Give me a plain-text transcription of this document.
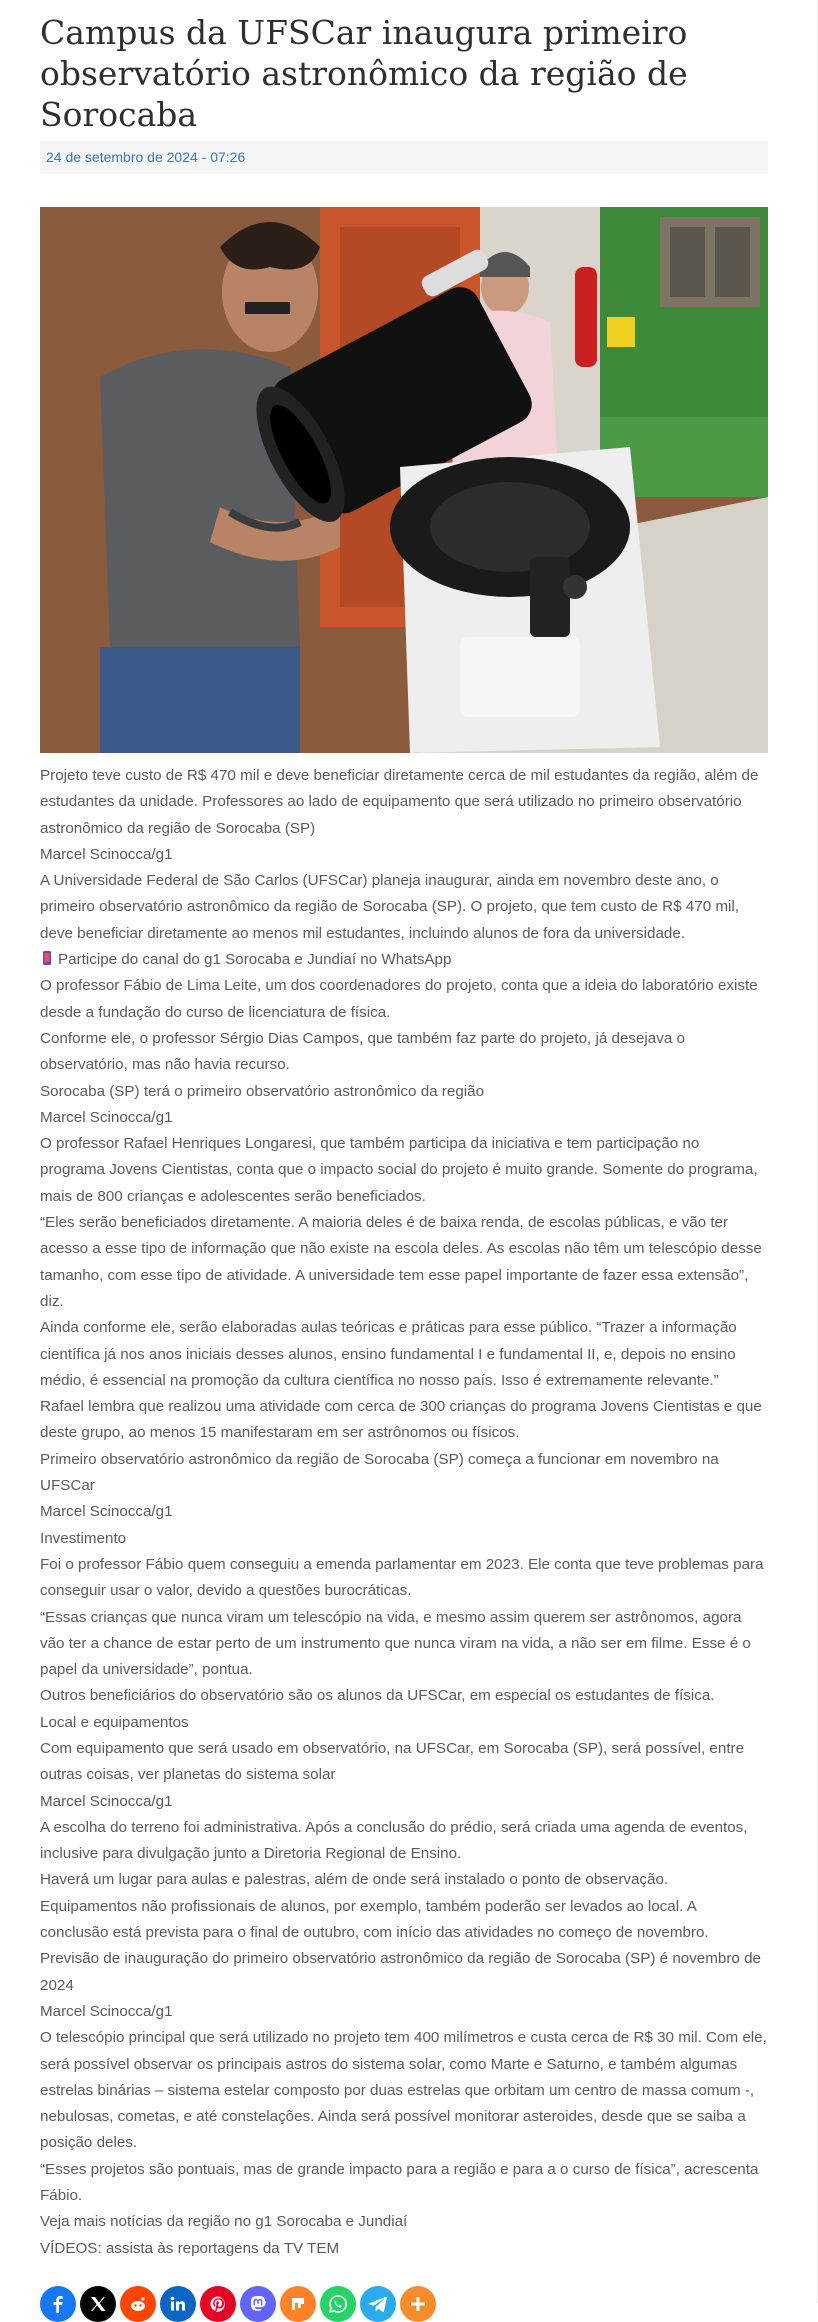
Campus da UFSCar inaugura primeiro observatório astronômico da região de Sorocaba
24 de setembro de 2024 - 07:26

Projeto teve custo de R$ 470 mil e deve beneficiar diretamente cerca de mil estudantes da região, além de estudantes da unidade. Professores ao lado de equipamento que será utilizado no primeiro observatório astronômico da região de Sorocaba (SP)

Marcel Scinocca/g1

A Universidade Federal de São Carlos (UFSCar) planeja inaugurar, ainda em novembro deste ano, o primeiro observatório astronômico da região de Sorocaba (SP). O projeto, que tem custo de R$ 470 mil, deve beneficiar diretamente ao menos mil estudantes, incluindo alunos de fora da universidade.

Participe do canal do g1 Sorocaba e Jundiaí no WhatsApp

O professor Fábio de Lima Leite, um dos coordenadores do projeto, conta que a ideia do laboratório existe desde a fundação do curso de licenciatura de física.

Conforme ele, o professor Sérgio Dias Campos, que também faz parte do projeto, já desejava o observatório, mas não havia recurso.

Sorocaba (SP) terá o primeiro observatório astronômico da região

Marcel Scinocca/g1

O professor Rafael Henriques Longaresi, que também participa da iniciativa e tem participação no programa Jovens Cientistas, conta que o impacto social do projeto é muito grande. Somente do programa, mais de 800 crianças e adolescentes serão beneficiados.

“Eles serão beneficiados diretamente. A maioria deles é de baixa renda, de escolas públicas, e vão ter acesso a esse tipo de informação que não existe na escola deles. As escolas não têm um telescópio desse tamanho, com esse tipo de atividade. A universidade tem esse papel importante de fazer essa extensão”, diz.

Ainda conforme ele, serão elaboradas aulas teóricas e práticas para esse público. “Trazer a informação científica já nos anos iniciais desses alunos, ensino fundamental I e fundamental II, e, depois no ensino médio, é essencial na promoção da cultura científica no nosso país. Isso é extremamente relevante.”

Rafael lembra que realizou uma atividade com cerca de 300 crianças do programa Jovens Cientistas e que deste grupo, ao menos 15 manifestaram em ser astrônomos ou físicos.

Primeiro observatório astronômico da região de Sorocaba (SP) começa a funcionar em novembro na UFSCar

Marcel Scinocca/g1

Investimento

Foi o professor Fábio quem conseguiu a emenda parlamentar em 2023. Ele conta que teve problemas para conseguir usar o valor, devido a questões burocráticas.

“Essas crianças que nunca viram um telescópio na vida, e mesmo assim querem ser astrônomos, agora vão ter a chance de estar perto de um instrumento que nunca viram na vida, a não ser em filme. Esse é o papel da universidade”, pontua.

Outros beneficiários do observatório são os alunos da UFSCar, em especial os estudantes de física.

Local e equipamentos

Com equipamento que será usado em observatório, na UFSCar, em Sorocaba (SP), será possível, entre outras coisas, ver planetas do sistema solar

Marcel Scinocca/g1

A escolha do terreno foi administrativa. Após a conclusão do prédio, será criada uma agenda de eventos, inclusive para divulgação junto a Diretoria Regional de Ensino.

Haverá um lugar para aulas e palestras, além de onde será instalado o ponto de observação.

Equipamentos não profissionais de alunos, por exemplo, também poderão ser levados ao local. A conclusão está prevista para o final de outubro, com início das atividades no começo de novembro.

Previsão de inauguração do primeiro observatório astronômico da região de Sorocaba (SP) é novembro de 2024

Marcel Scinocca/g1

O telescópio principal que será utilizado no projeto tem 400 milímetros e custa cerca de R$ 30 mil. Com ele, será possível observar os principais astros do sistema solar, como Marte e Saturno, e também algumas estrelas binárias – sistema estelar composto por duas estrelas que orbitam um centro de massa comum -, nebulosas, cometas, e até constelações. Ainda será possível monitorar asteroides, desde que se saiba a posição deles.

“Esses projetos são pontuais, mas de grande impacto para a região e para a o curso de física”, acrescenta Fábio.

Veja mais notícias da região no g1 Sorocaba e Jundiaí

VÍDEOS: assista às reportagens da TV TEM
